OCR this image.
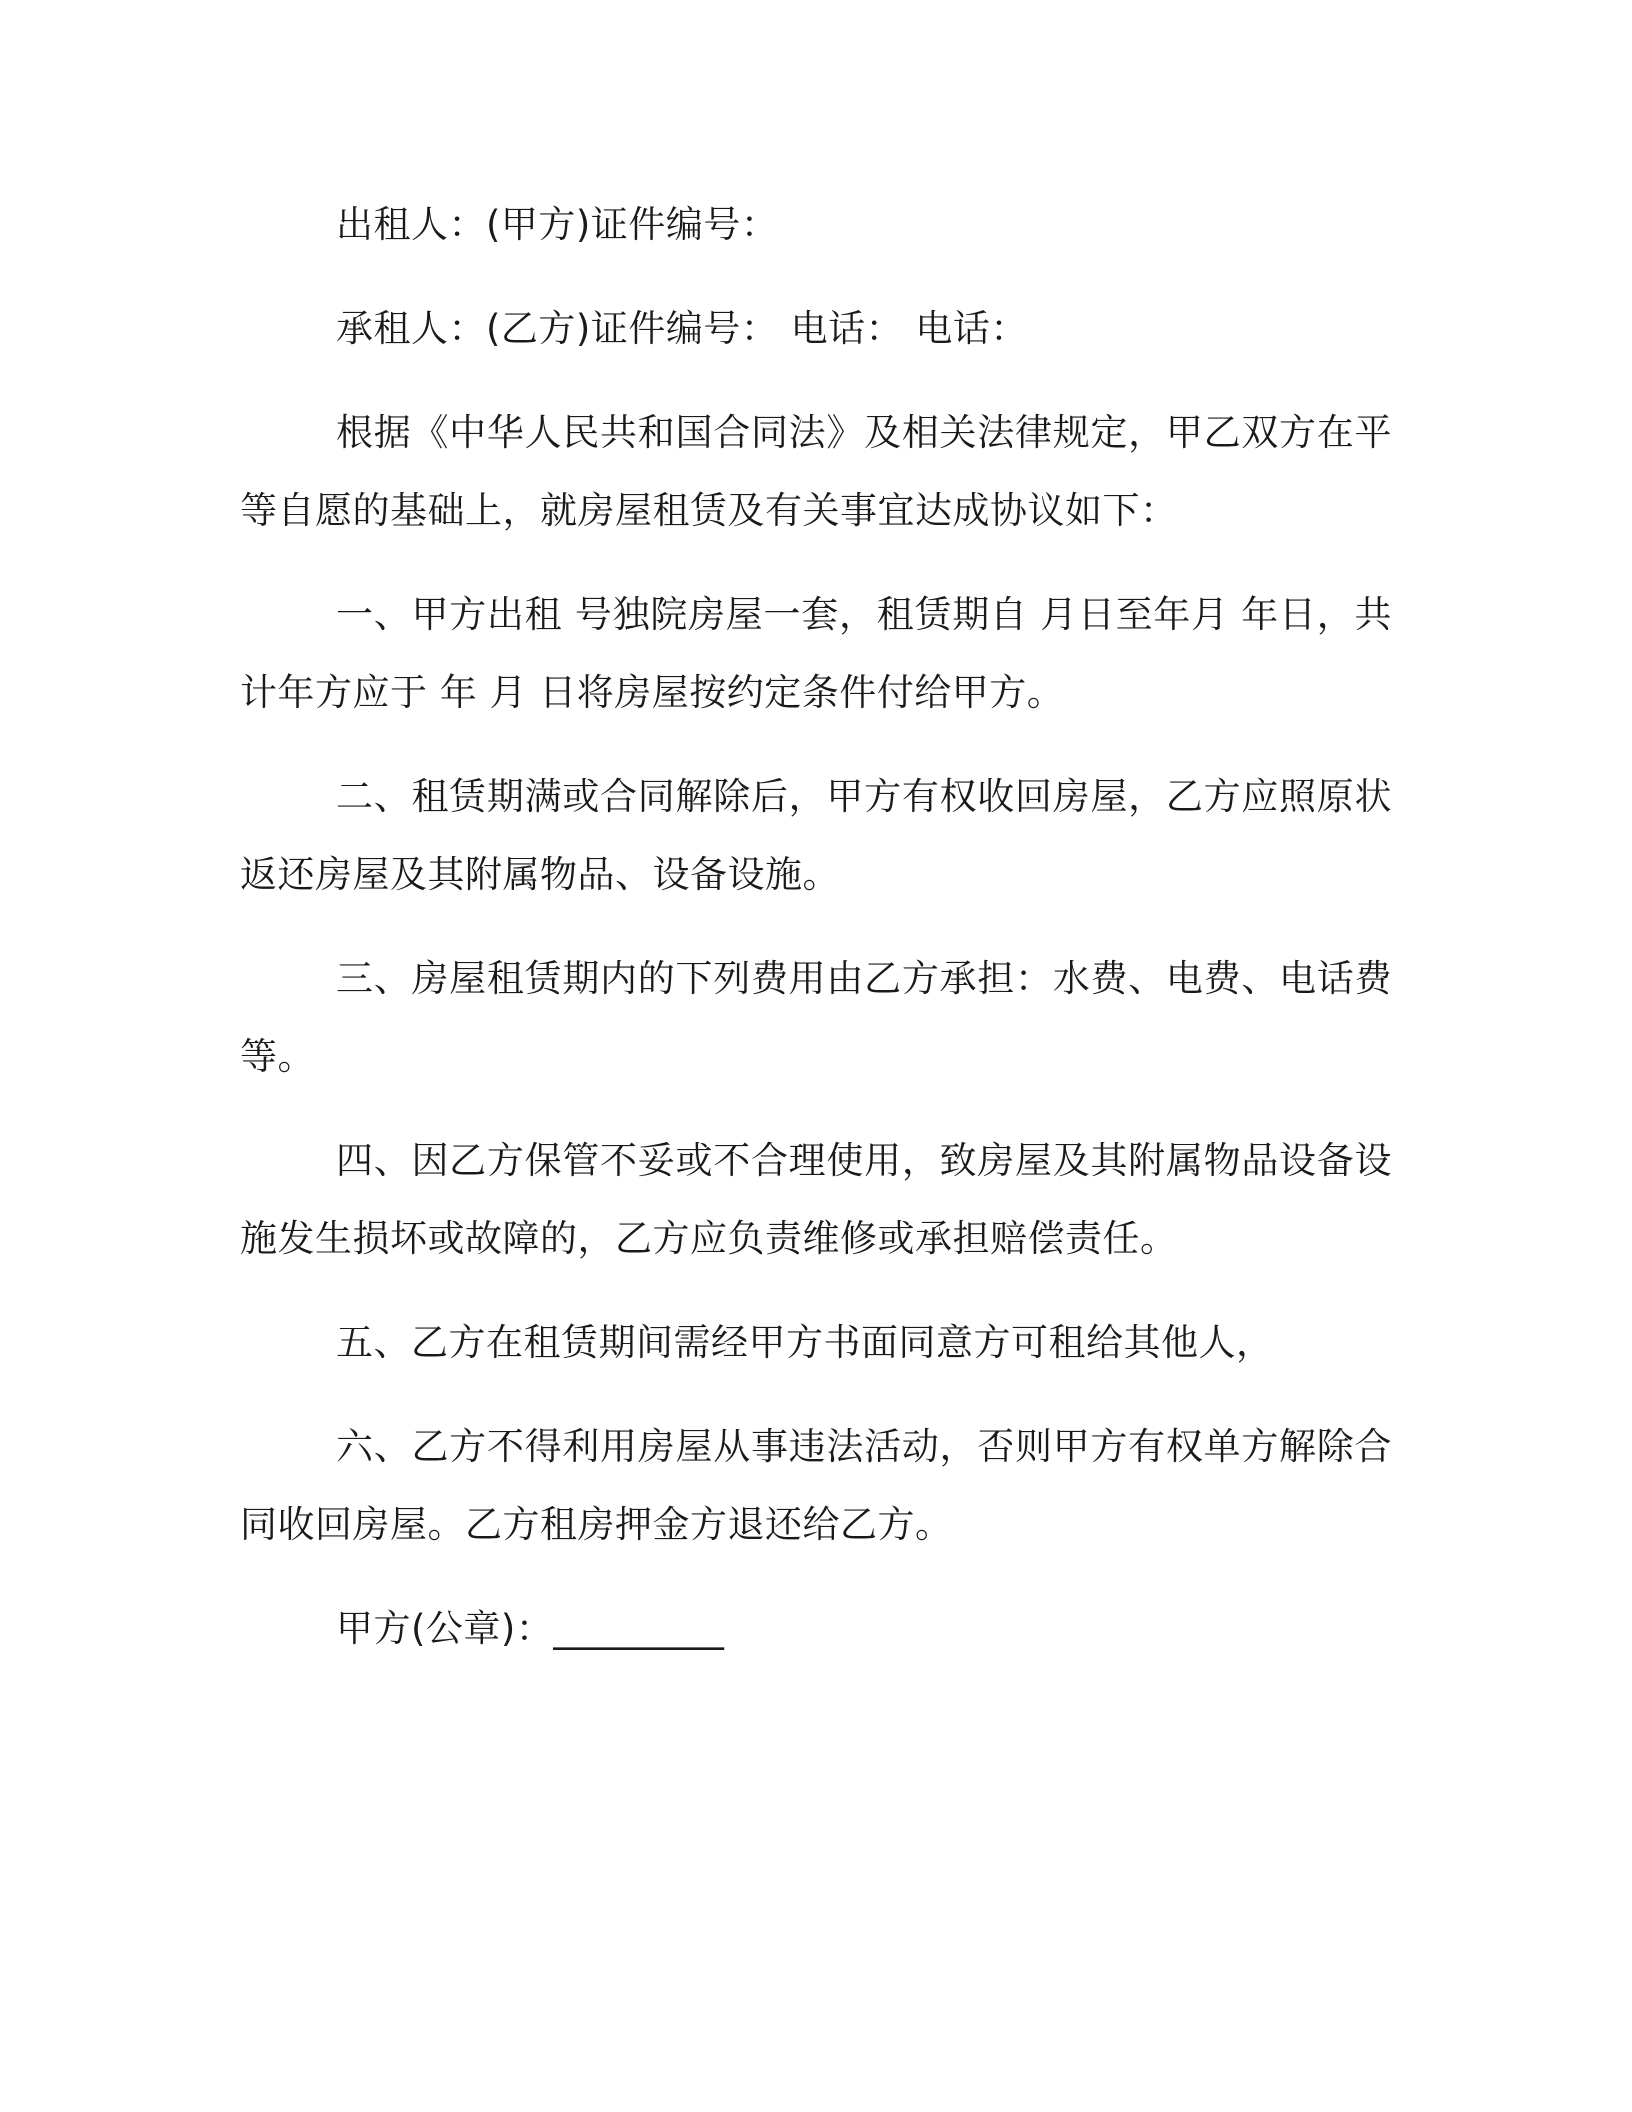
出租人：(甲方)证件编号：

承租人：(乙方)证件编号： 电话： 电话：

根据《中华人民共和国合同法》及相关法律规定，甲乙双方在平等自愿的基础上，就房屋租赁及有关事宜达成协议如下：

一、甲方出租 号独院房屋一套，租赁期自 月日至年月 年日，共计年方应于 年 月 日将房屋按约定条件付给甲方。

二、租赁期满或合同解除后，甲方有权收回房屋，乙方应照原状返还房屋及其附属物品、设备设施。

三、房屋租赁期内的下列费用由乙方承担：水费、电费、电话费等。

四、因乙方保管不妥或不合理使用，致房屋及其附属物品设备设施发生损坏或故障的，乙方应负责维修或承担赔偿责任。

五、乙方在租赁期间需经甲方书面同意方可租给其他人，

六、乙方不得利用房屋从事违法活动，否则甲方有权单方解除合同收回房屋。乙方租房押金方退还给乙方。

甲方(公章)：_________
